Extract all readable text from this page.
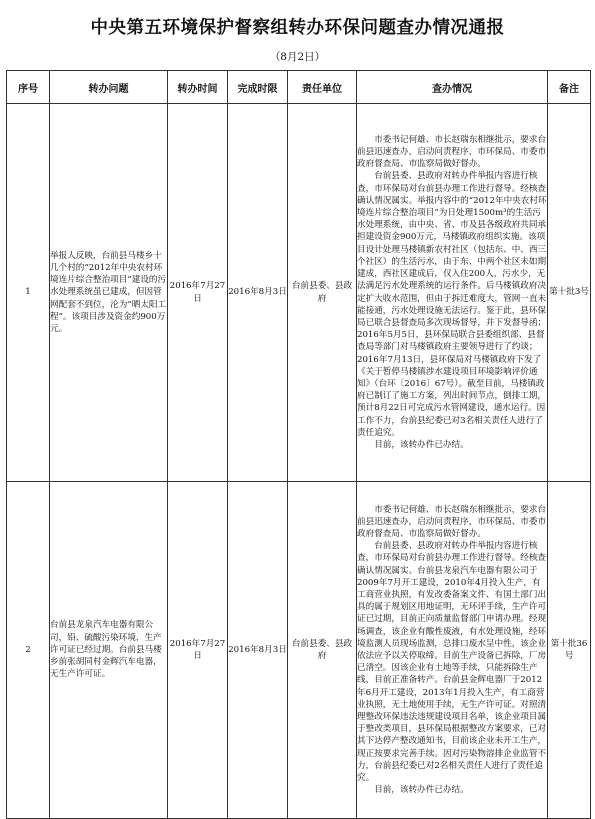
中央第五环境保护督察组转办环保问题查办情况通报
（8月2日）
序号	转办问题	转办时间	完成时限	责任单位	查办情况	备注
1	举报人反映，台前县马楼乡十几个村的“2012年中央农村环境连片综合整治项目”建设的污水处理系统虽已建成，但因管网配套不到位，沦为“晒太阳工程”。该项目涉及资金约900万元。	2016年7月27日	2016年8月3日	台前县委、县政府	市委书记何雄、市长赵瑞东相继批示，要求台前县迅速查办，启动问责程序，市环保局、市委市政府督查局、市监察局做好督办。

台前县委、县政府对转办件举报内容进行核查，市环保局对台前县办理工作进行督导。经核查确认情况属实。举报内容中的“2012年中央农村环境连片综合整治项目”为日处理1500m³的生活污水处理系统，由中央、省、市及县各级政府共同承担建设资金900万元，马楼镇政府组织实施。该项目设计处理马楼镇新农村社区（包括东、中、西三个社区）的生活污水，由于东、中两个社区未如期建成，西社区建成后，仅入住200人，污水少，无法满足污水处理系统的运行条件。后马楼镇政府决定扩大收水范围，但由于拆迁难度大，管网一直未能接通，污水处理设施无法运行。鉴于此，县环保局已联合县督查局多次现场督导，并下发督导函；2016年5月5日，县环保局联合县委组织部、县督查局等部门对马楼镇政府主要领导进行了约谈；2016年7月13日，县环保局对马楼镇政府下发了《关于暂停马楼镇涉水建设项目环境影响评价通知》（台环〔2016〕67号）。截至目前，马楼镇政府已制订了施工方案，列出时间节点，倒排工期，预计8月22日可完成污水管网建设，通水运行。因工作不力，台前县纪委已对3名相关责任人进行了责任追究。

目前，该转办件已办结。	第十批3号
2	台前县龙泉汽车电器有限公司，铅、硫酸污染环境，生产许可证已经过期。台前县马楼乡前张胡同村金辉汽车电器，无生产许可证。	2016年7月27日	2016年8月3日	台前县委、县政府	市委书记何雄、市长赵瑞东相继批示，要求台前县迅速查办，启动问责程序，市环保局、市委市政府督查局、市监察局做好督办。

台前县委、县政府对转办件举报内容进行核查，市环保局对台前县办理工作进行督导。经核查确认情况属实。台前县龙泉汽车电器有限公司于2009年7月开工建设，2010年4月投入生产，有工商营业执照，有发改委备案文件、有国土部门出具的属于规划区用地证明，无环评手续，生产许可证已过期，目前正向质量监督部门申请办理。经现场调查，该企业有酸性废液，有水处理设施，经环境监测人员现场监测，总排口废水呈中性，该企业依法应予以关停取缔。目前生产设备已拆除，厂房已清空。因该企业有土地等手续，只能拆除生产线，目前正准备转产。台前县金辉电器厂于2012年6月开工建设，2013年1月投入生产，有工商营业执照，无土地使用手续，无生产许可证。对照清理整改环保违法违规建设项目名单，该企业项目属于整改类项目，县环保局根据整改方案要求，已对其下达停产整改通知书，目前该企业未开工生产，现正按要求完善手续。因对污染物溶排企业监管不力，台前县纪委已对2名相关责任人进行了责任追究。

目前，该转办件已办结。	第十批36号
